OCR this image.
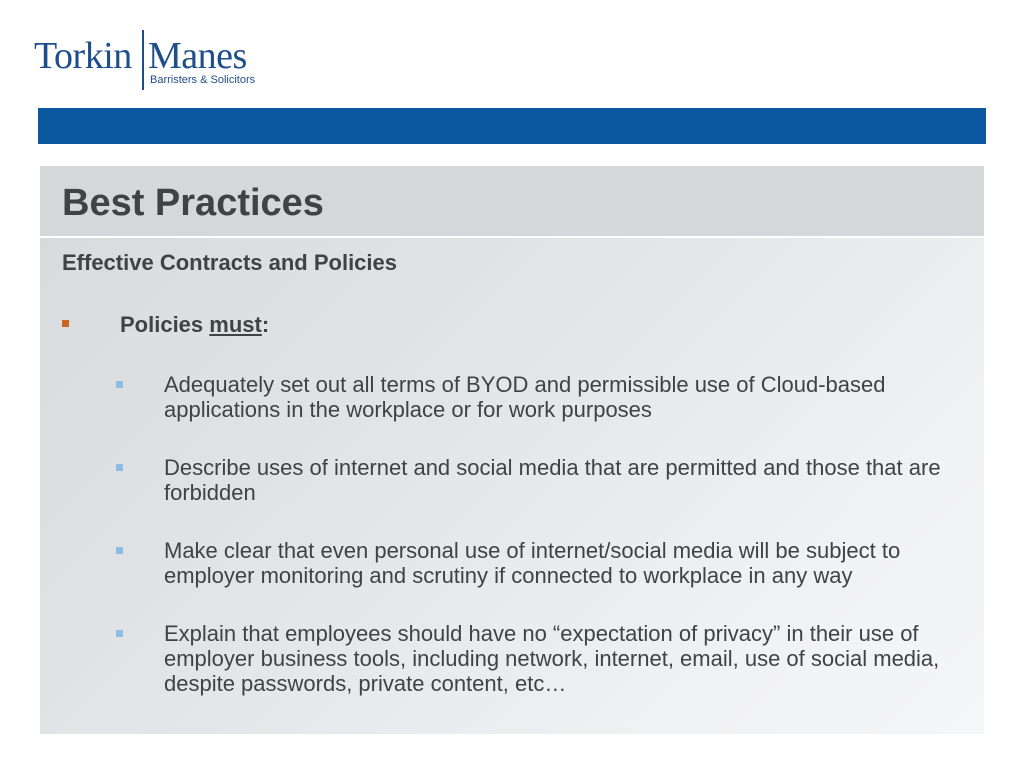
Torkin Manes
Barristers & Solicitors
Best Practices
Effective Contracts and Policies
Policies must:
Adequately set out all terms of BYOD and permissible use of Cloud-based applications in the workplace or for work purposes
Describe uses of internet and social media that are permitted and those that are forbidden
Make clear that even personal use of internet/social media will be subject to employer monitoring and scrutiny if connected to workplace in any way
Explain that employees should have no “expectation of privacy” in their use of employer business tools, including network, internet, email, use of social media, despite passwords, private content, etc…
